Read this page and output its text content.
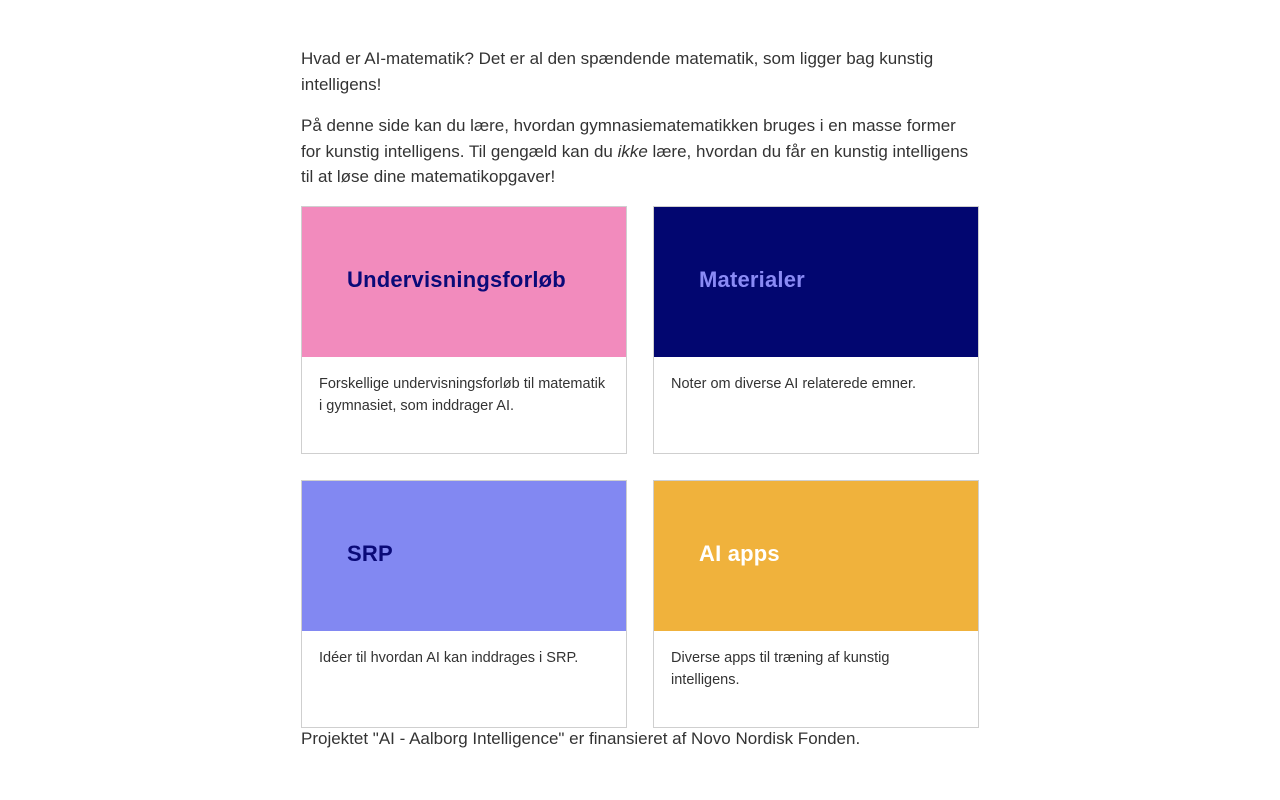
Hvad er AI-matematik? Det er al den spændende matematik, som ligger bag kunstig intelligens!

På denne side kan du lære, hvordan gymnasiematematikken bruges i en masse former for kunstig intelligens. Til gengæld kan du ikke lære, hvordan du får en kunstig intelligens til at løse dine matematikopgaver!

Undervisningsforløb
Forskellige undervisningsforløb til matematik i gymnasiet, som inddrager AI.
Materialer
Noter om diverse AI relaterede emner.
SRP
Idéer til hvordan AI kan inddrages i SRP.
AI apps
Diverse apps til træning af kunstig intelligens.

Projektet "AI - Aalborg Intelligence" er finansieret af Novo Nordisk Fonden.
